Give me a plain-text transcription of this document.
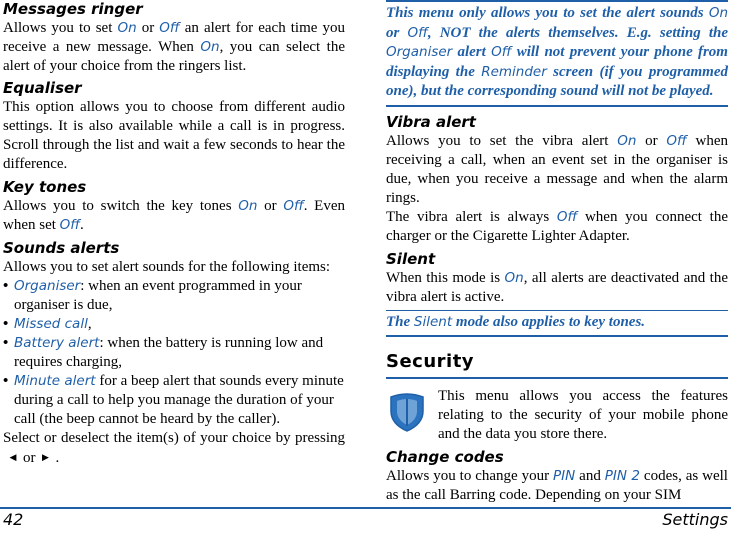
Messages ringer

Allows you to set On or Off an alert for each time you receive a new message. When On, you can select the alert of your choice from the ringers list.

Equaliser

This option allows you to choose from different audio settings. It is also available while a call is in progress. Scroll through the list and wait a few seconds to hear the difference.

Key tones

Allows you to switch the key tones On or Off. Even when set Off.

Sounds alerts

Allows you to set alert sounds for the following items:

• Organiser: when an event programmed in your organiser is due,
• Missed call,
• Battery alert: when the battery is running low and requires charging,
• Minute alert for a beep alert that sounds every minute during a call to help you manage the duration of your call (the beep cannot be heard by the caller).

Select or deselect the item(s) of your choice by pressing ◀ or ▶ .

This menu only allows you to set the alert sounds On or Off, NOT the alerts themselves. E.g. setting the Organiser alert Off will not prevent your phone from displaying the Reminder screen (if you programmed one), but the corresponding sound will not be played.

Vibra alert

Allows you to set the vibra alert On or Off when receiving a call, when an event set in the organiser is due, when you receive a message and when the alarm rings.

The vibra alert is always Off when you connect the charger or the Cigarette Lighter Adapter.

Silent

When this mode is On, all alerts are deactivated and the vibra alert is active.

The Silent mode also applies to key tones.

Security

This menu allows you access the features relating to the security of your mobile phone and the data you store there.

Change codes

Allows you to change your PIN and PIN 2 codes, as well as the call Barring code. Depending on your SIM

42	Settings
